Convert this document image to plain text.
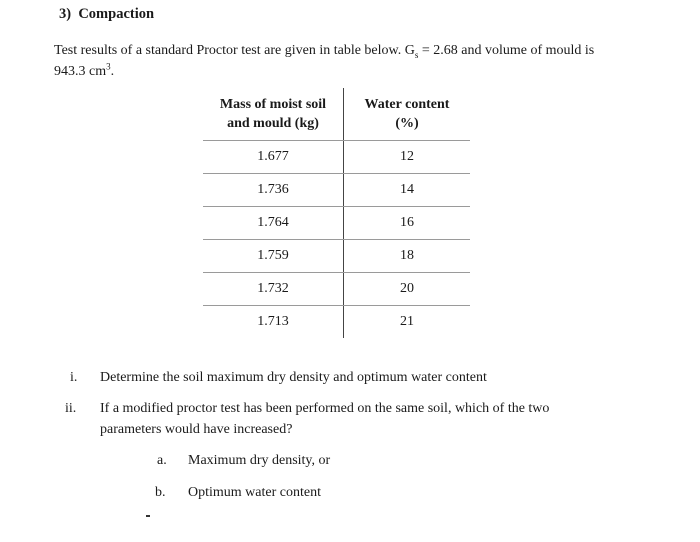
3)  Compaction
Test results of a standard Proctor test are given in table below. $G_s = 2.68$ and volume of mould is
943.3 $cm^3$.
Mass of moist soil
and mould (kg)	Water content
(%)
1.677	12
1.736	14
1.764	16
1.759	18
1.732	20
1.713	21
i. Determine the soil maximum dry density and optimum water content
ii. If a modified proctor test has been performed on the same soil, which of the two
parameters would have increased?
a. Maximum dry density, or
b. Optimum water content
